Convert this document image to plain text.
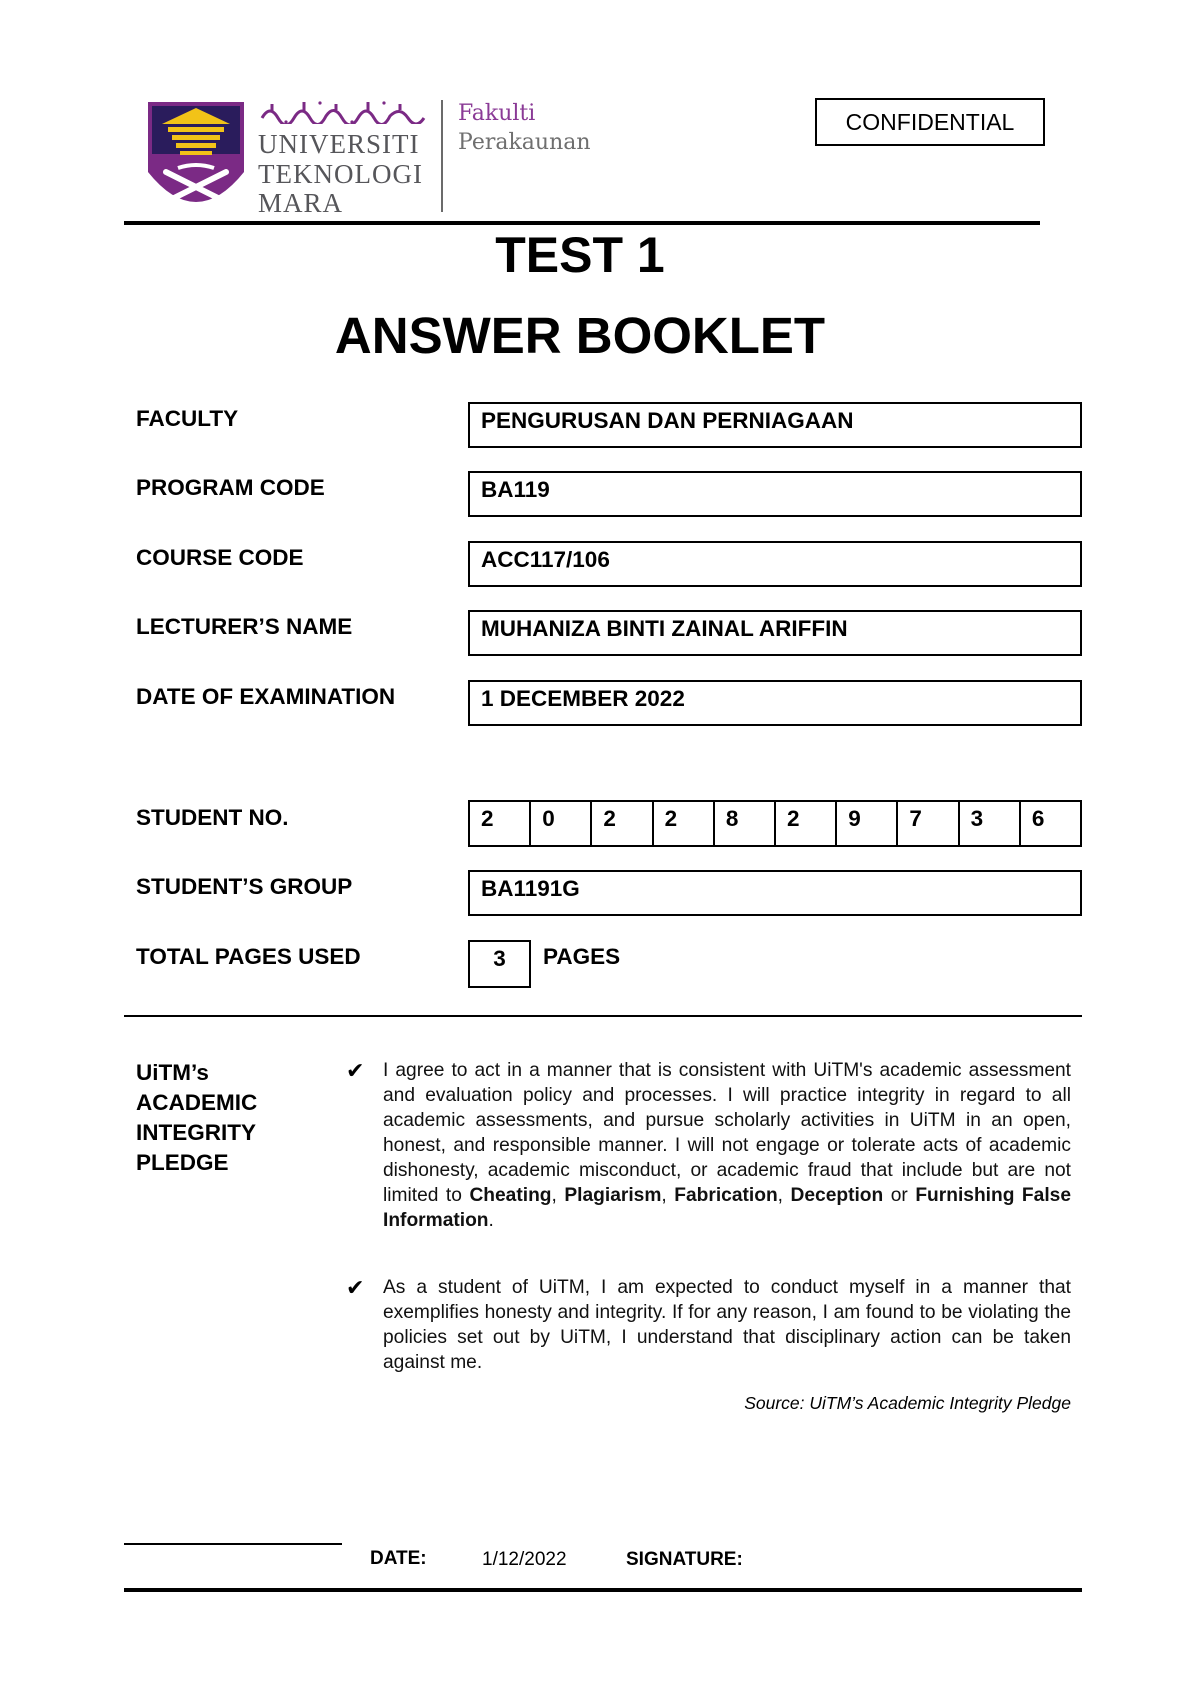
UNIVERSITI
TEKNOLOGI
MARA
Fakulti
Perakaunan
CONFIDENTIAL
TEST 1
ANSWER BOOKLET
FACULTY	PENGURUSAN DAN PERNIAGAAN
PROGRAM CODE	BA119
COURSE CODE	ACC117/106
LECTURER’S NAME	MUHANIZA BINTI ZAINAL ARIFFIN
DATE OF EXAMINATION	1 DECEMBER 2022
STUDENT NO.	2	0	2	2	8	2	9	7	3	6
STUDENT’S GROUP	BA1191G
TOTAL PAGES USED	3	PAGES
UiTM’s
ACADEMIC
INTEGRITY
PLEDGE
✔ I agree to act in a manner that is consistent with UiTM's academic assessment and evaluation policy and processes. I will practice integrity in regard to all academic assessments, and pursue scholarly activities in UiTM in an open, honest, and responsible manner. I will not engage or tolerate acts of academic dishonesty, academic misconduct, or academic fraud that include but are not limited to Cheating, Plagiarism, Fabrication, Deception or Furnishing False Information.
✔ As a student of UiTM, I am expected to conduct myself in a manner that exemplifies honesty and integrity. If for any reason, I am found to be violating the policies set out by UiTM, I understand that disciplinary action can be taken against me.
Source: UiTM’s Academic Integrity Pledge
DATE:	1/12/2022	SIGNATURE:
